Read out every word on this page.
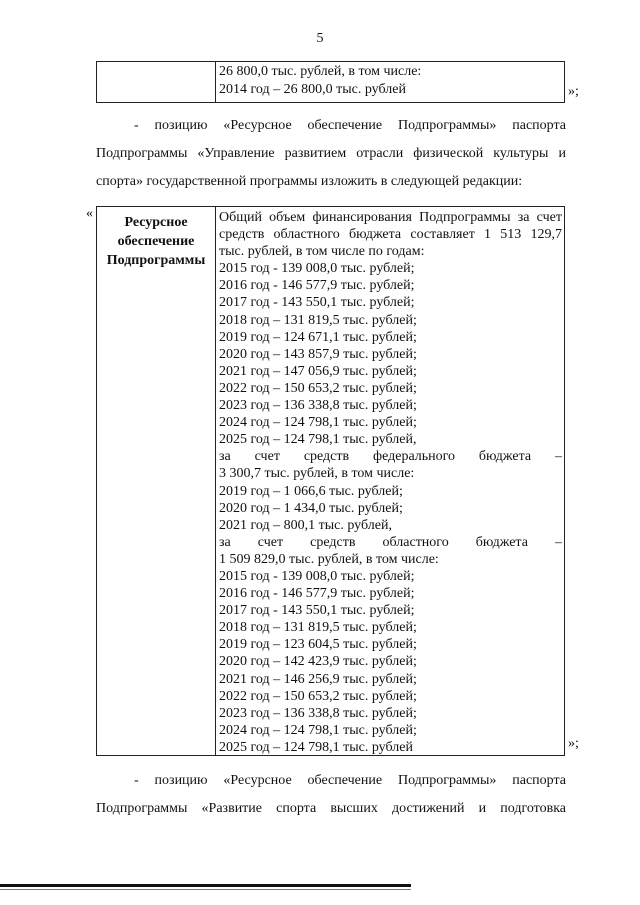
5
26 800,0 тыс. рублей, в том числе:
2014 год – 26 800,0 тыс. рублей	»;
- позицию «Ресурсное обеспечение Подпрограммы» паспорта
Подпрограммы «Управление развитием отрасли физической культуры и спорта» государственной программы изложить в следующей редакции:
«
Ресурсное обеспечение Подпрограммы
Общий объем финансирования Подпрограммы за счет средств областного бюджета составляет 1 513 129,7
тыс. рублей, в том числе по годам:
2015 год - 139 008,0 тыс. рублей;
2016 год - 146 577,9 тыс. рублей;
2017 год - 143 550,1 тыс. рублей;
2018 год – 131 819,5 тыс. рублей;
2019 год – 124 671,1 тыс. рублей;
2020 год – 143 857,9 тыс. рублей;
2021 год – 147 056,9 тыс. рублей;
2022 год – 150 653,2 тыс. рублей;
2023 год – 136 338,8 тыс. рублей;
2024 год – 124 798,1 тыс. рублей;
2025 год – 124 798,1 тыс. рублей,
за счет средств федерального бюджета –
3 300,7 тыс. рублей, в том числе:
2019 год – 1 066,6 тыс. рублей;
2020 год – 1 434,0 тыс. рублей;
2021 год – 800,1 тыс. рублей,
за счет средств областного бюджета –
1 509 829,0 тыс. рублей, в том числе:
2015 год - 139 008,0 тыс. рублей;
2016 год - 146 577,9 тыс. рублей;
2017 год - 143 550,1 тыс. рублей;
2018 год – 131 819,5 тыс. рублей;
2019 год – 123 604,5 тыс. рублей;
2020 год – 142 423,9 тыс. рублей;
2021 год – 146 256,9 тыс. рублей;
2022 год – 150 653,2 тыс. рублей;
2023 год – 136 338,8 тыс. рублей;
2024 год – 124 798,1 тыс. рублей;
2025 год – 124 798,1 тыс. рублей	»;
- позицию «Ресурсное обеспечение Подпрограммы» паспорта
Подпрограммы «Развитие спорта высших достижений и подготовка
